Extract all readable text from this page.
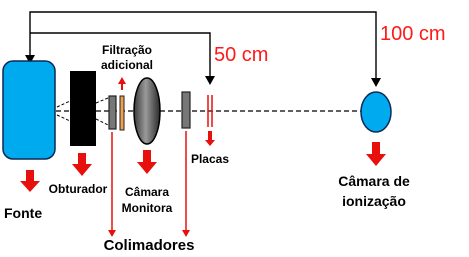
50 cm
100 cm
Filtração
adicional
Placas
Obturador Câmara
Monitora
Fonte
Colimadores
Câmara de
ionização
